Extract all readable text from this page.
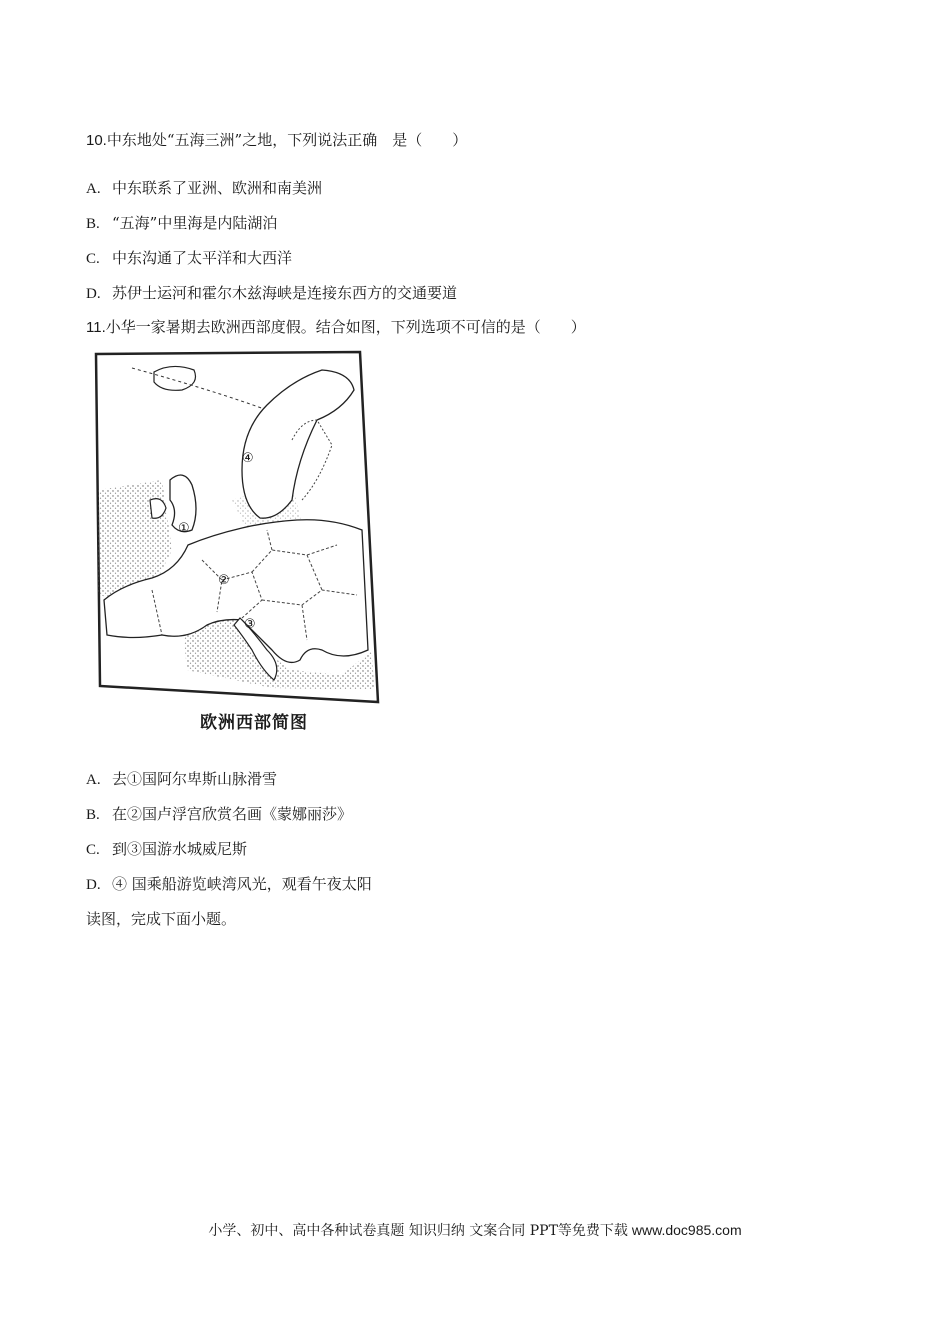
10.中东地处“五海三洲”之地，下列说法正确　是（　　）
A. 中东联系了亚洲、欧洲和南美洲
B. “五海”中里海是内陆湖泊
C. 中东沟通了太平洋和大西洋
D. 苏伊士运河和霍尔木兹海峡是连接东西方的交通要道
11.小华一家暑期去欧洲西部度假。结合如图，下列选项不可信的是（　　）
①
②
③
④
欧洲西部简图
A. 去①国阿尔卑斯山脉滑雪
B. 在②国卢浮宫欣赏名画《蒙娜丽莎》
C. 到③国游水城威尼斯
D. ④ 国乘船游览峡湾风光，观看午夜太阳
读图，完成下面小题。
小学、初中、高中各种试卷真题 知识归纳 文案合同 PPT等免费下载 www.doc985.com
